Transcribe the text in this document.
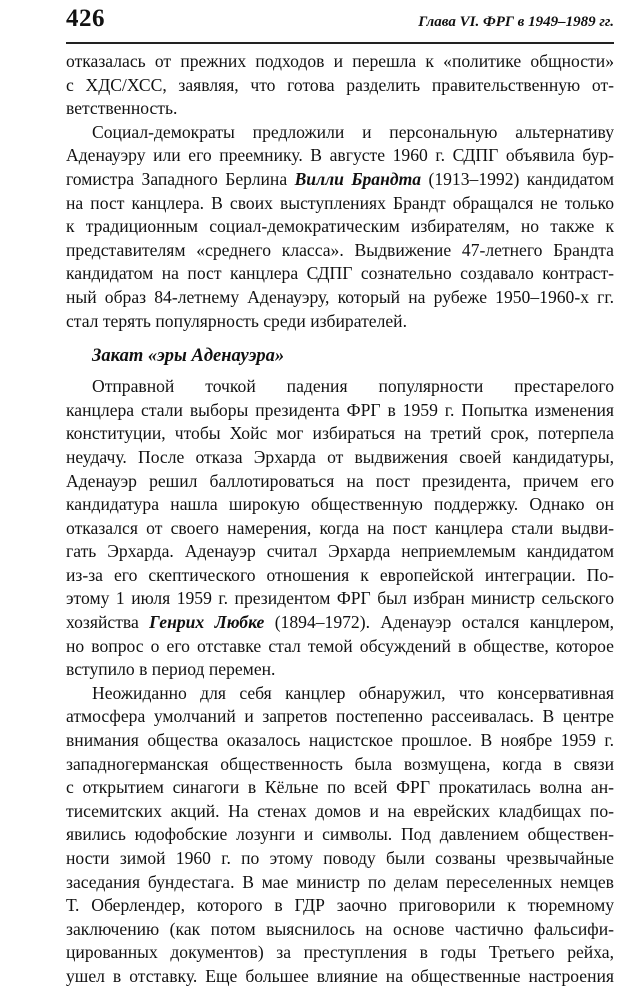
426	Глава VI. ФРГ в 1949–1989 гг.
отказалась от прежних подходов и перешла к «политике общности»
с ХДС/ХСС, заявляя, что готова разделить правительственную от-
ветственность.
Социал-демократы предложили и персональную альтернативу
Аденауэру или его преемнику. В августе 1960 г. СДПГ объявила бур-
гомистра Западного Берлина Вилли Брандта (1913–1992) кандидатом
на пост канцлера. В своих выступлениях Брандт обращался не только
к традиционным социал-демократическим избирателям, но также к
представителям «среднего класса». Выдвижение 47-летнего Брандта
кандидатом на пост канцлера СДПГ сознательно создавало контраст-
ный образ 84-летнему Аденауэру, который на рубеже 1950–1960-х гг.
стал терять популярность среди избирателей.
Закат «эры Аденауэра»
Отправной точкой падения популярности престарелого
канцлера стали выборы президента ФРГ в 1959 г. Попытка изменения
конституции, чтобы Хойс мог избираться на третий срок, потерпела
неудачу. После отказа Эрхарда от выдвижения своей кандидатуры,
Аденауэр решил баллотироваться на пост президента, причем его
кандидатура нашла широкую общественную поддержку. Однако он
отказался от своего намерения, когда на пост канцлера стали выдви-
гать Эрхарда. Аденауэр считал Эрхарда неприемлемым кандидатом
из-за его скептического отношения к европейской интеграции. По-
этому 1 июля 1959 г. президентом ФРГ был избран министр сельского
хозяйства Генрих Любке (1894–1972). Аденауэр остался канцлером,
но вопрос о его отставке стал темой обсуждений в обществе, которое
вступило в период перемен.
Неожиданно для себя канцлер обнаружил, что консервативная
атмосфера умолчаний и запретов постепенно рассеивалась. В центре
внимания общества оказалось нацистское прошлое. В ноябре 1959 г.
западногерманская общественность была возмущена, когда в связи
с открытием синагоги в Кёльне по всей ФРГ прокатилась волна ан-
тисемитских акций. На стенах домов и на еврейских кладбищах по-
явились юдофобские лозунги и символы. Под давлением обществен-
ности зимой 1960 г. по этому поводу были созваны чрезвычайные
заседания бундестага. В мае министр по делам переселенных немцев
Т. Оберлендер, которого в ГДР заочно приговорили к тюремному
заключению (как потом выяснилось на основе частично фальсифи-
цированных документов) за преступления в годы Третьего рейха,
ушел в отставку. Еще большее влияние на общественные настроения
